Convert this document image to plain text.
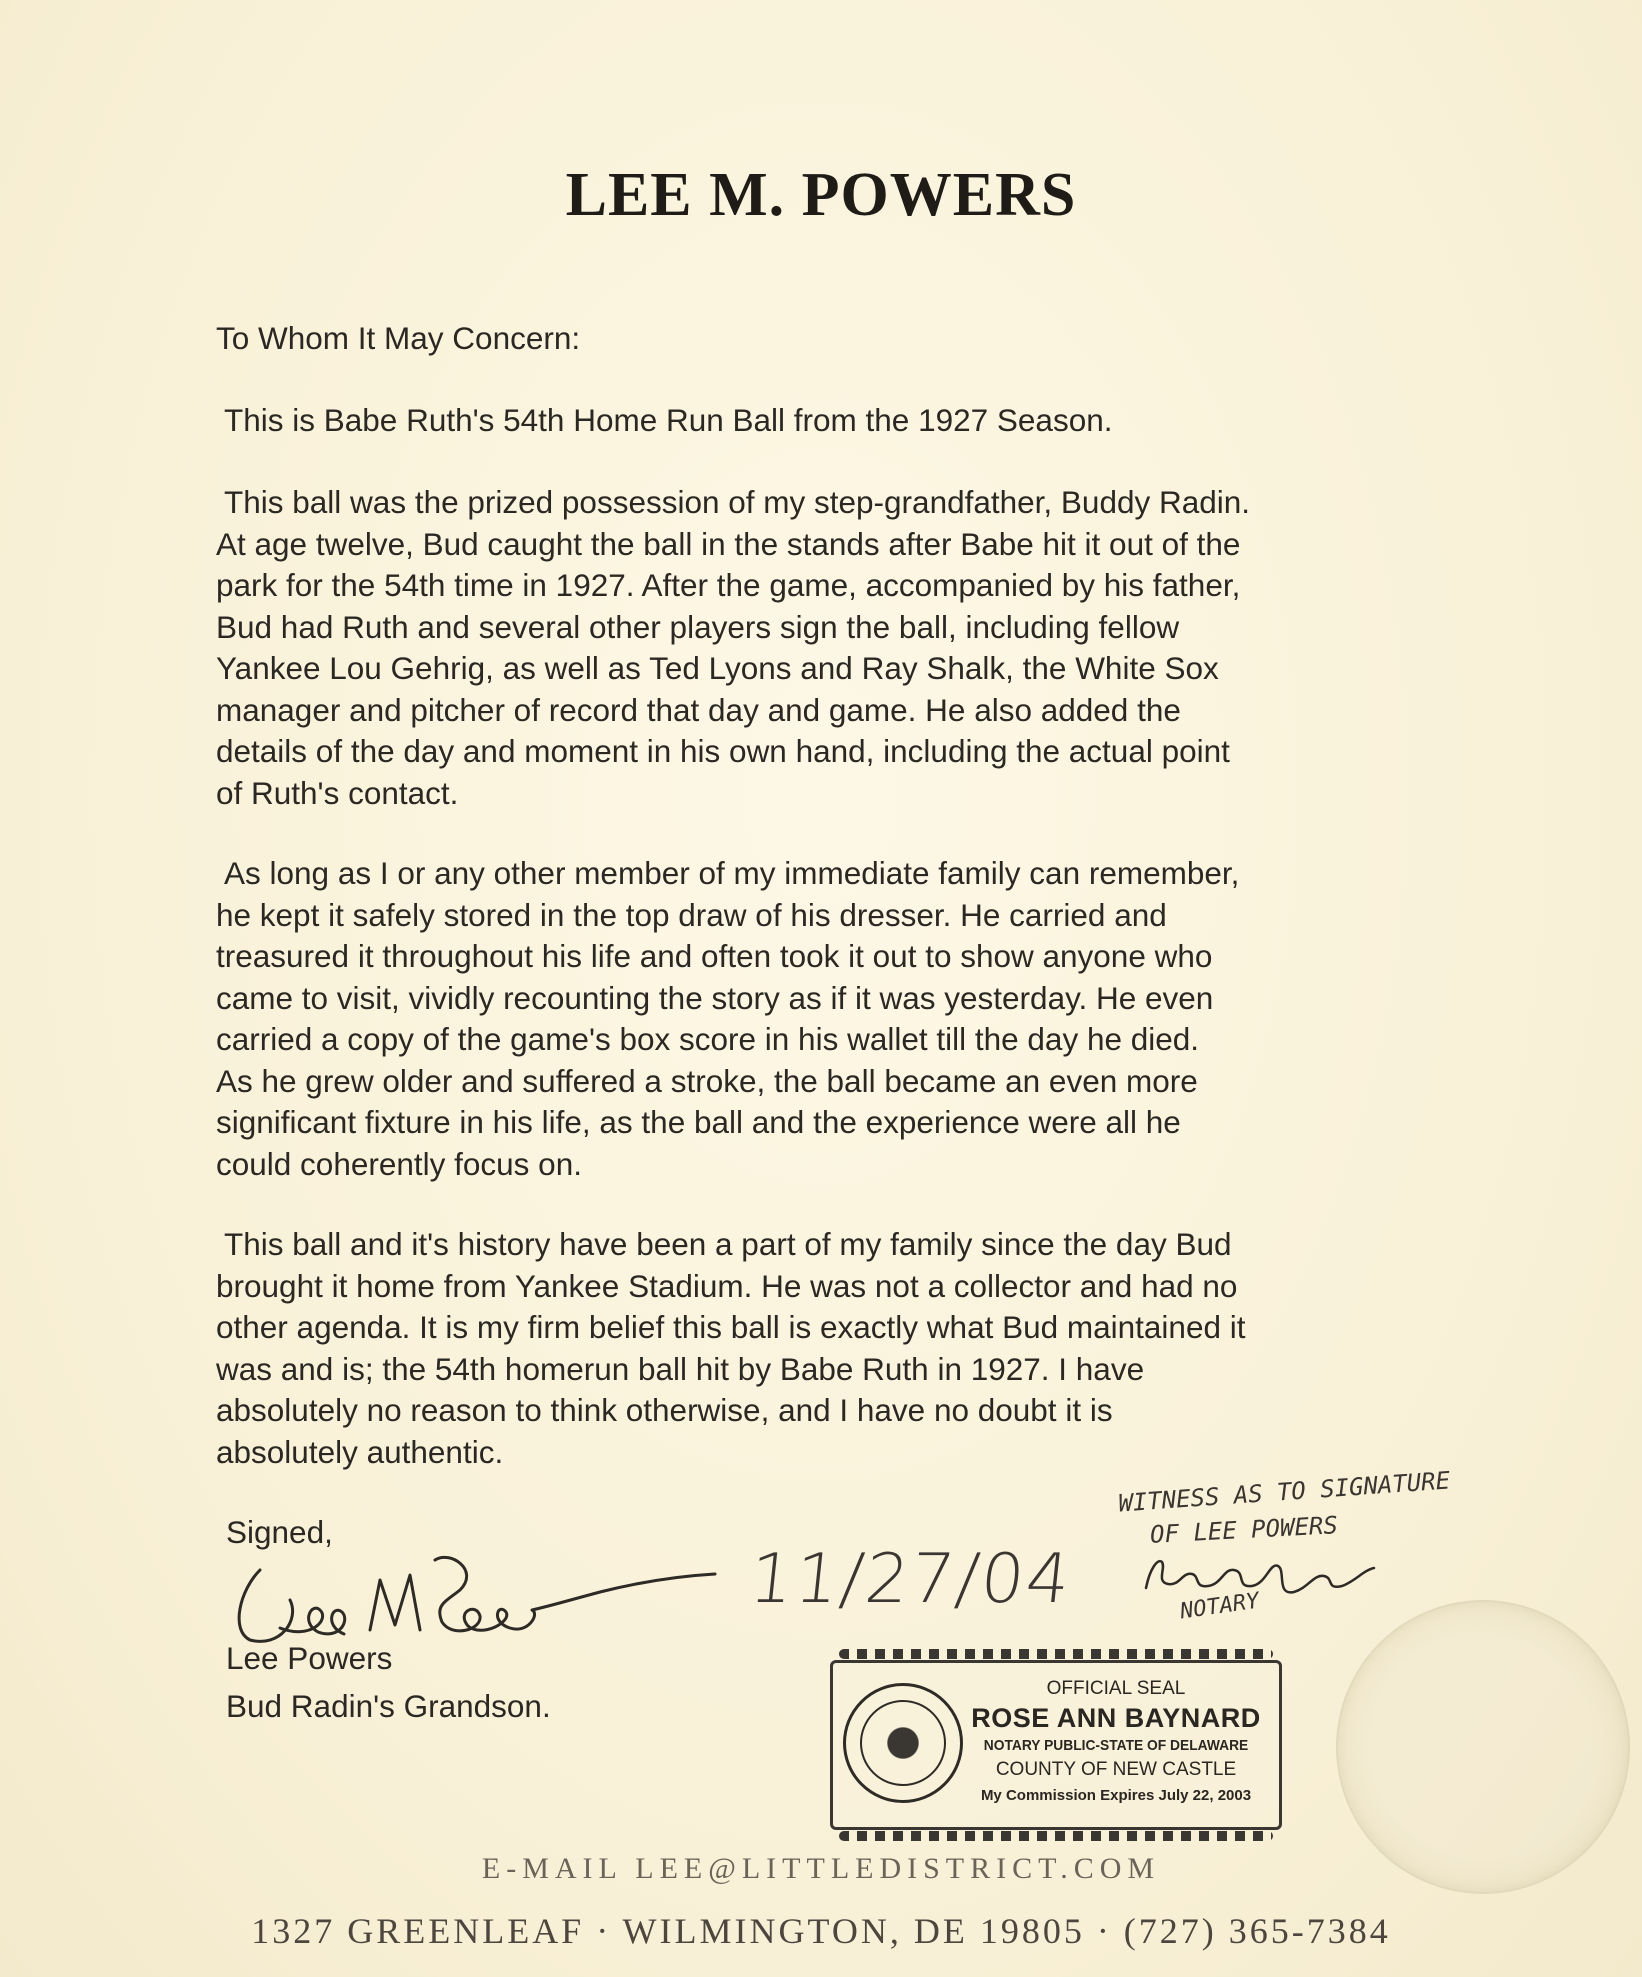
LEE M. POWERS
To Whom It May Concern:
This is Babe Ruth's 54th Home Run Ball from the 1927 Season.

This ball was the prized possession of my step-grandfather, Buddy Radin.

At age twelve, Bud caught the ball in the stands after Babe hit it out of the

park for the 54th time in 1927. After the game, accompanied by his father,

Bud had Ruth and several other players sign the ball, including fellow

Yankee Lou Gehrig, as well as Ted Lyons and Ray Shalk, the White Sox

manager and pitcher of record that day and game. He also added the

details of the day and moment in his own hand, including the actual point

of Ruth's contact.

As long as I or any other member of my immediate family can remember,

he kept it safely stored in the top draw of his dresser. He carried and

treasured it throughout his life and often took it out to show anyone who

came to visit, vividly recounting the story as if it was yesterday. He even

carried a copy of the game's box score in his wallet till the day he died.

As he grew older and suffered a stroke, the ball became an even more

significant fixture in his life, as the ball and the experience were all he

could coherently focus on.

This ball and it's history have been a part of my family since the day Bud

brought it home from Yankee Stadium. He was not a collector and had no

other agenda. It is my firm belief this ball is exactly what Bud maintained it

was and is; the 54th homerun ball hit by Babe Ruth in 1927. I have

absolutely no reason to think otherwise, and I have no doubt it is

absolutely authentic.

Signed,
11/27/04
Lee Powers
Bud Radin's Grandson.
WITNESS AS TO SIGNATURE
OF LEE POWERS
NOTARY
OFFICIAL SEAL
ROSE ANN BAYNARD
NOTARY PUBLIC-STATE OF DELAWARE
COUNTY OF NEW CASTLE
My Commission Expires July 22, 2003
E-MAIL LEE@LITTLEDISTRICT.COM
1327 GREENLEAF · WILMINGTON, DE 19805 · (727) 365-7384
